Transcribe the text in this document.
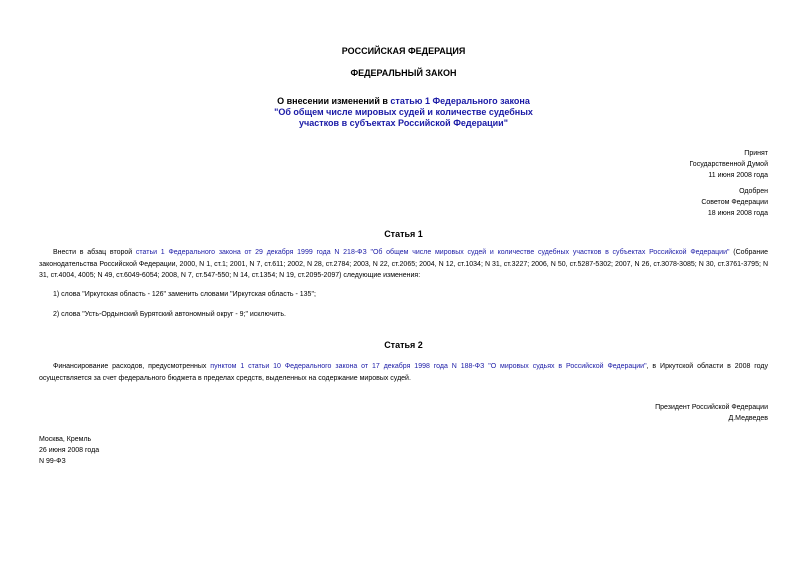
РОССИЙСКАЯ ФЕДЕРАЦИЯ
ФЕДЕРАЛЬНЫЙ ЗАКОН
О внесении изменений в статью 1 Федерального закона
"Об общем числе мировых судей и количестве судебных
участков в субъектах Российской Федерации"
Принят
Государственной Думой
11 июня 2008 года
Одобрен
Советом Федерации
18 июня 2008 года
Статья 1
Внести в абзац второй статьи 1 Федерального закона от 29 декабря 1999 года N 218-ФЗ "Об общем числе мировых судей и количестве судебных участков в субъектах Российской Федерации" (Собрание законодательства Российской Федерации, 2000, N 1, ст.1; 2001, N 7, ст.611; 2002, N 28, ст.2784; 2003, N 22, ст.2065; 2004, N 12, ст.1034; N 31, ст.3227; 2006, N 50, ст.5287-5302; 2007, N 26, ст.3078-3085; N 30, ст.3761-3795; N 31, ст.4004, 4005; N 49, ст.6049-6054; 2008, N 7, ст.547-550; N 14, ст.1354; N 19, ст.2095-2097) следующие изменения:
1) слова "Иркутская область - 126" заменить словами "Иркутская область - 135";
2) слова "Усть-Ордынский Бурятский автономный округ - 9;" исключить.
Статья 2
Финансирование расходов, предусмотренных пунктом 1 статьи 10 Федерального закона от 17 декабря 1998 года N 188-ФЗ "О мировых судьях в Российской Федерации", в Иркутской области в 2008 году осуществляется за счет федерального бюджета в пределах средств, выделенных на содержание мировых судей.
Президент Российской Федерации
Д.Медведев
Москва, Кремль
26 июня 2008 года
N 99-ФЗ
